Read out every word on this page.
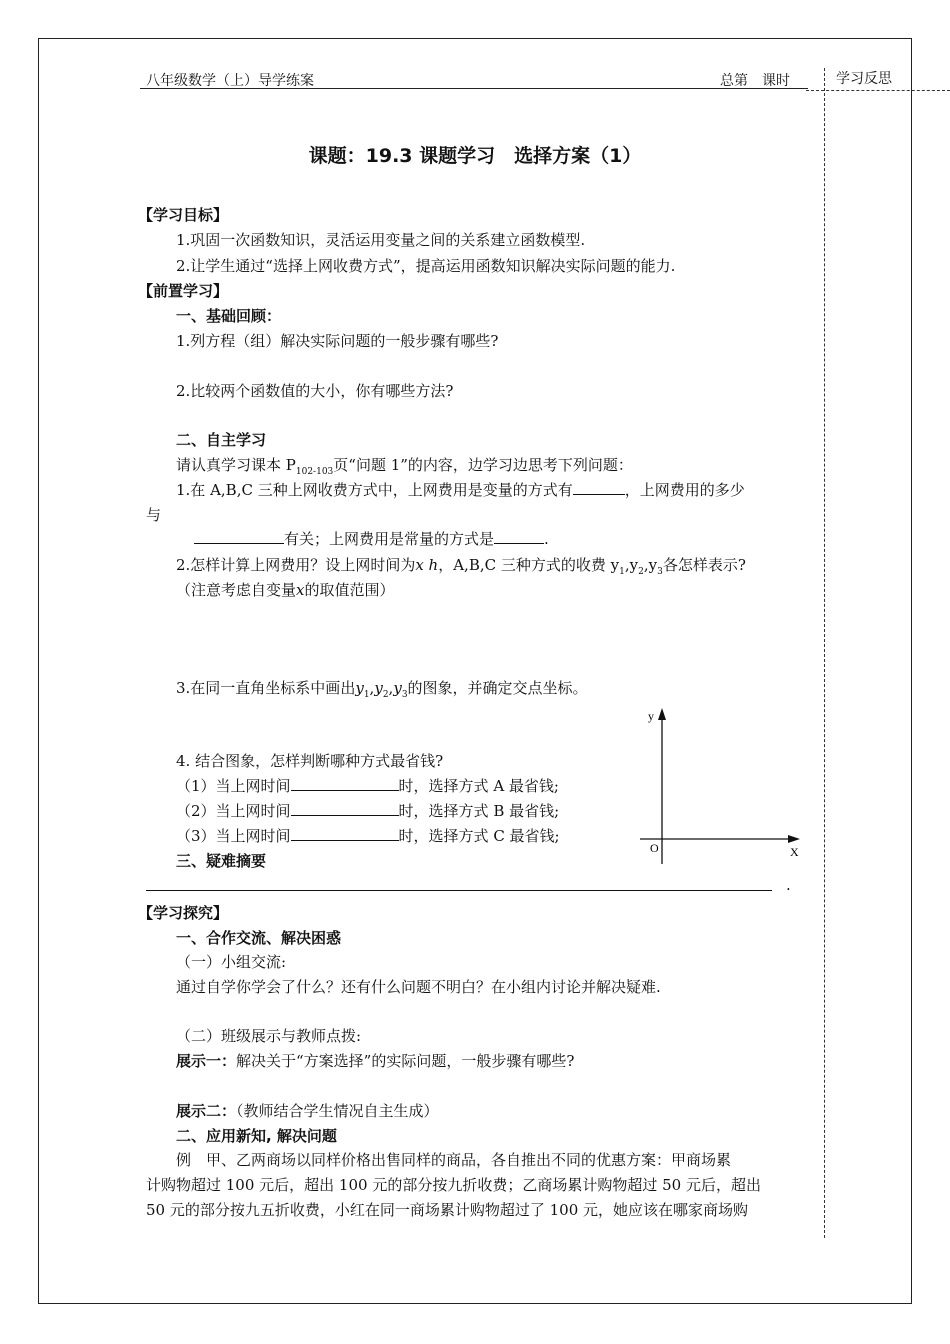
八年级数学（上）导学练案	总第　课时	学习反思
课题：19.3 课题学习　选择方案（1）
【学习目标】
1.巩固一次函数知识，灵活运用变量之间的关系建立函数模型.
2.让学生通过“选择上网收费方式”，提高运用函数知识解决实际问题的能力.
【前置学习】
一、基础回顾：
1.列方程（组）解决实际问题的一般步骤有哪些?
2.比较两个函数值的大小，你有哪些方法?
二、自主学习
请认真学习课本 $P_{102-103}$页“问题 1”的内容，边学习边思考下列问题：
1.在 A,B,C 三种上网收费方式中，上网费用是变量的方式有	，上网费用的多少
与
有关；上网费用是常量的方式是	.
2.怎样计算上网费用？设上网时间为x h，A,B,C 三种方式的收费 $y_1,y_2,y_3$各怎样表示?
（注意考虑自变量x的取值范围）
3.在同一直角坐标系中画出$y_1,y_2,y_3$的图象，并确定交点坐标。
4. 结合图象，怎样判断哪种方式最省钱?
（1）当上网时间	时，选择方式 A 最省钱;
（2）当上网时间	时，选择方式 B 最省钱;
（3）当上网时间	时，选择方式 C 最省钱;
三、疑难摘要
.
y
X
O
【学习探究】
一、合作交流、解决困惑
（一）小组交流:
通过自学你学会了什么？还有什么问题不明白？在小组内讨论并解决疑难.
（二）班级展示与教师点拨:
展示一：解决关于“方案选择”的实际问题，一般步骤有哪些?
展示二：（教师结合学生情况自主生成）
二、应用新知, 解决问题
例　甲、乙两商场以同样价格出售同样的商品，各自推出不同的优惠方案：甲商场累
计购物超过 100 元后，超出 100 元的部分按九折收费；乙商场累计购物超过 50 元后，超出
50 元的部分按九五折收费，小红在同一商场累计购物超过了 100 元，她应该在哪家商场购
